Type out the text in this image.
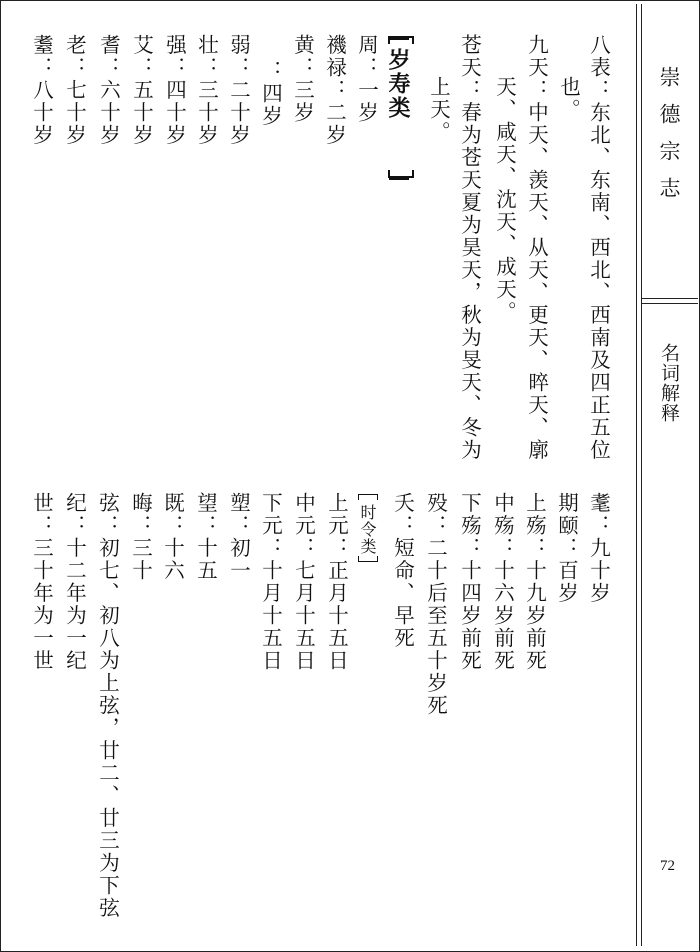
崇德宗志
名词解释
72
八表：东北、东南、西北、西南及四正五位
也。
九天：中天、羡天、从天、更天、晬天、廓
天、咸天、沈天、成天。
苍天：春为苍天夏为昊天，秋为旻天、冬为
上天。
岁寿类
周：一岁
禨禄：二岁
黄：三岁
：四岁
弱：二十岁
壮：三十岁
强：四十岁
艾：五十岁
耆：六十岁
老：七十岁
耋：八十岁
耄：九十岁
期颐：百岁
上殇：十九岁前死
中殇：十六岁前死
下殇：十四岁前死
殁：二十后至五十岁死
夭：短命、早死
时令类
上元：正月十五日
中元：七月十五日
下元：十月十五日
塑：初一
望：十五
既：十六
晦：三十
弦：初七、初八为上弦，廿二、廿三为下弦
纪：十二年为一纪
世：三十年为一世
